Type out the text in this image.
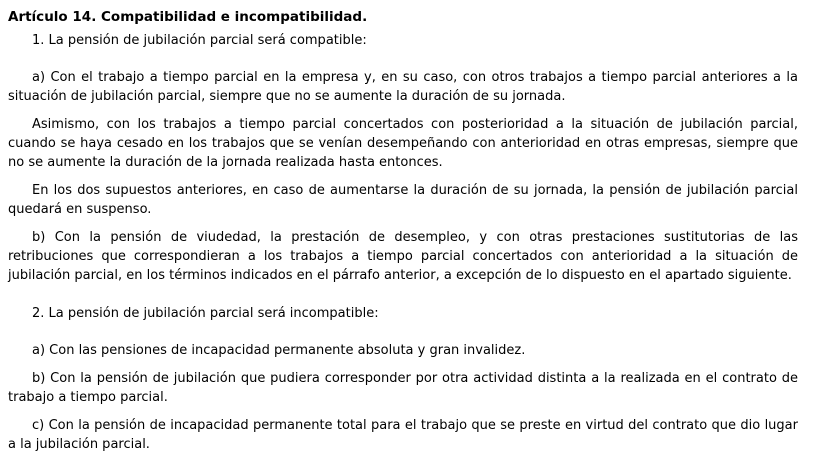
Artículo 14. Compatibilidad e incompatibilidad.
1. La pensión de jubilación parcial será compatible:
a) Con el trabajo a tiempo parcial en la empresa y, en su caso, con otros trabajos a tiempo parcial anteriores a la situación de jubilación parcial, siempre que no se aumente la duración de su jornada.
Asimismo, con los trabajos a tiempo parcial concertados con posterioridad a la situación de jubilación parcial, cuando se haya cesado en los trabajos que se venían desempeñando con anterioridad en otras empresas, siempre que no se aumente la duración de la jornada realizada hasta entonces.
En los dos supuestos anteriores, en caso de aumentarse la duración de su jornada, la pensión de jubilación parcial quedará en suspenso.
b) Con la pensión de viudedad, la prestación de desempleo, y con otras prestaciones sustitutorias de las retribuciones que correspondieran a los trabajos a tiempo parcial concertados con anterioridad a la situación de jubilación parcial, en los términos indicados en el párrafo anterior, a excepción de lo dispuesto en el apartado siguiente.
2. La pensión de jubilación parcial será incompatible:
a) Con las pensiones de incapacidad permanente absoluta y gran invalidez.
b) Con la pensión de jubilación que pudiera corresponder por otra actividad distinta a la realizada en el contrato de trabajo a tiempo parcial.
c) Con la pensión de incapacidad permanente total para el trabajo que se preste en virtud del contrato que dio lugar a la jubilación parcial.
